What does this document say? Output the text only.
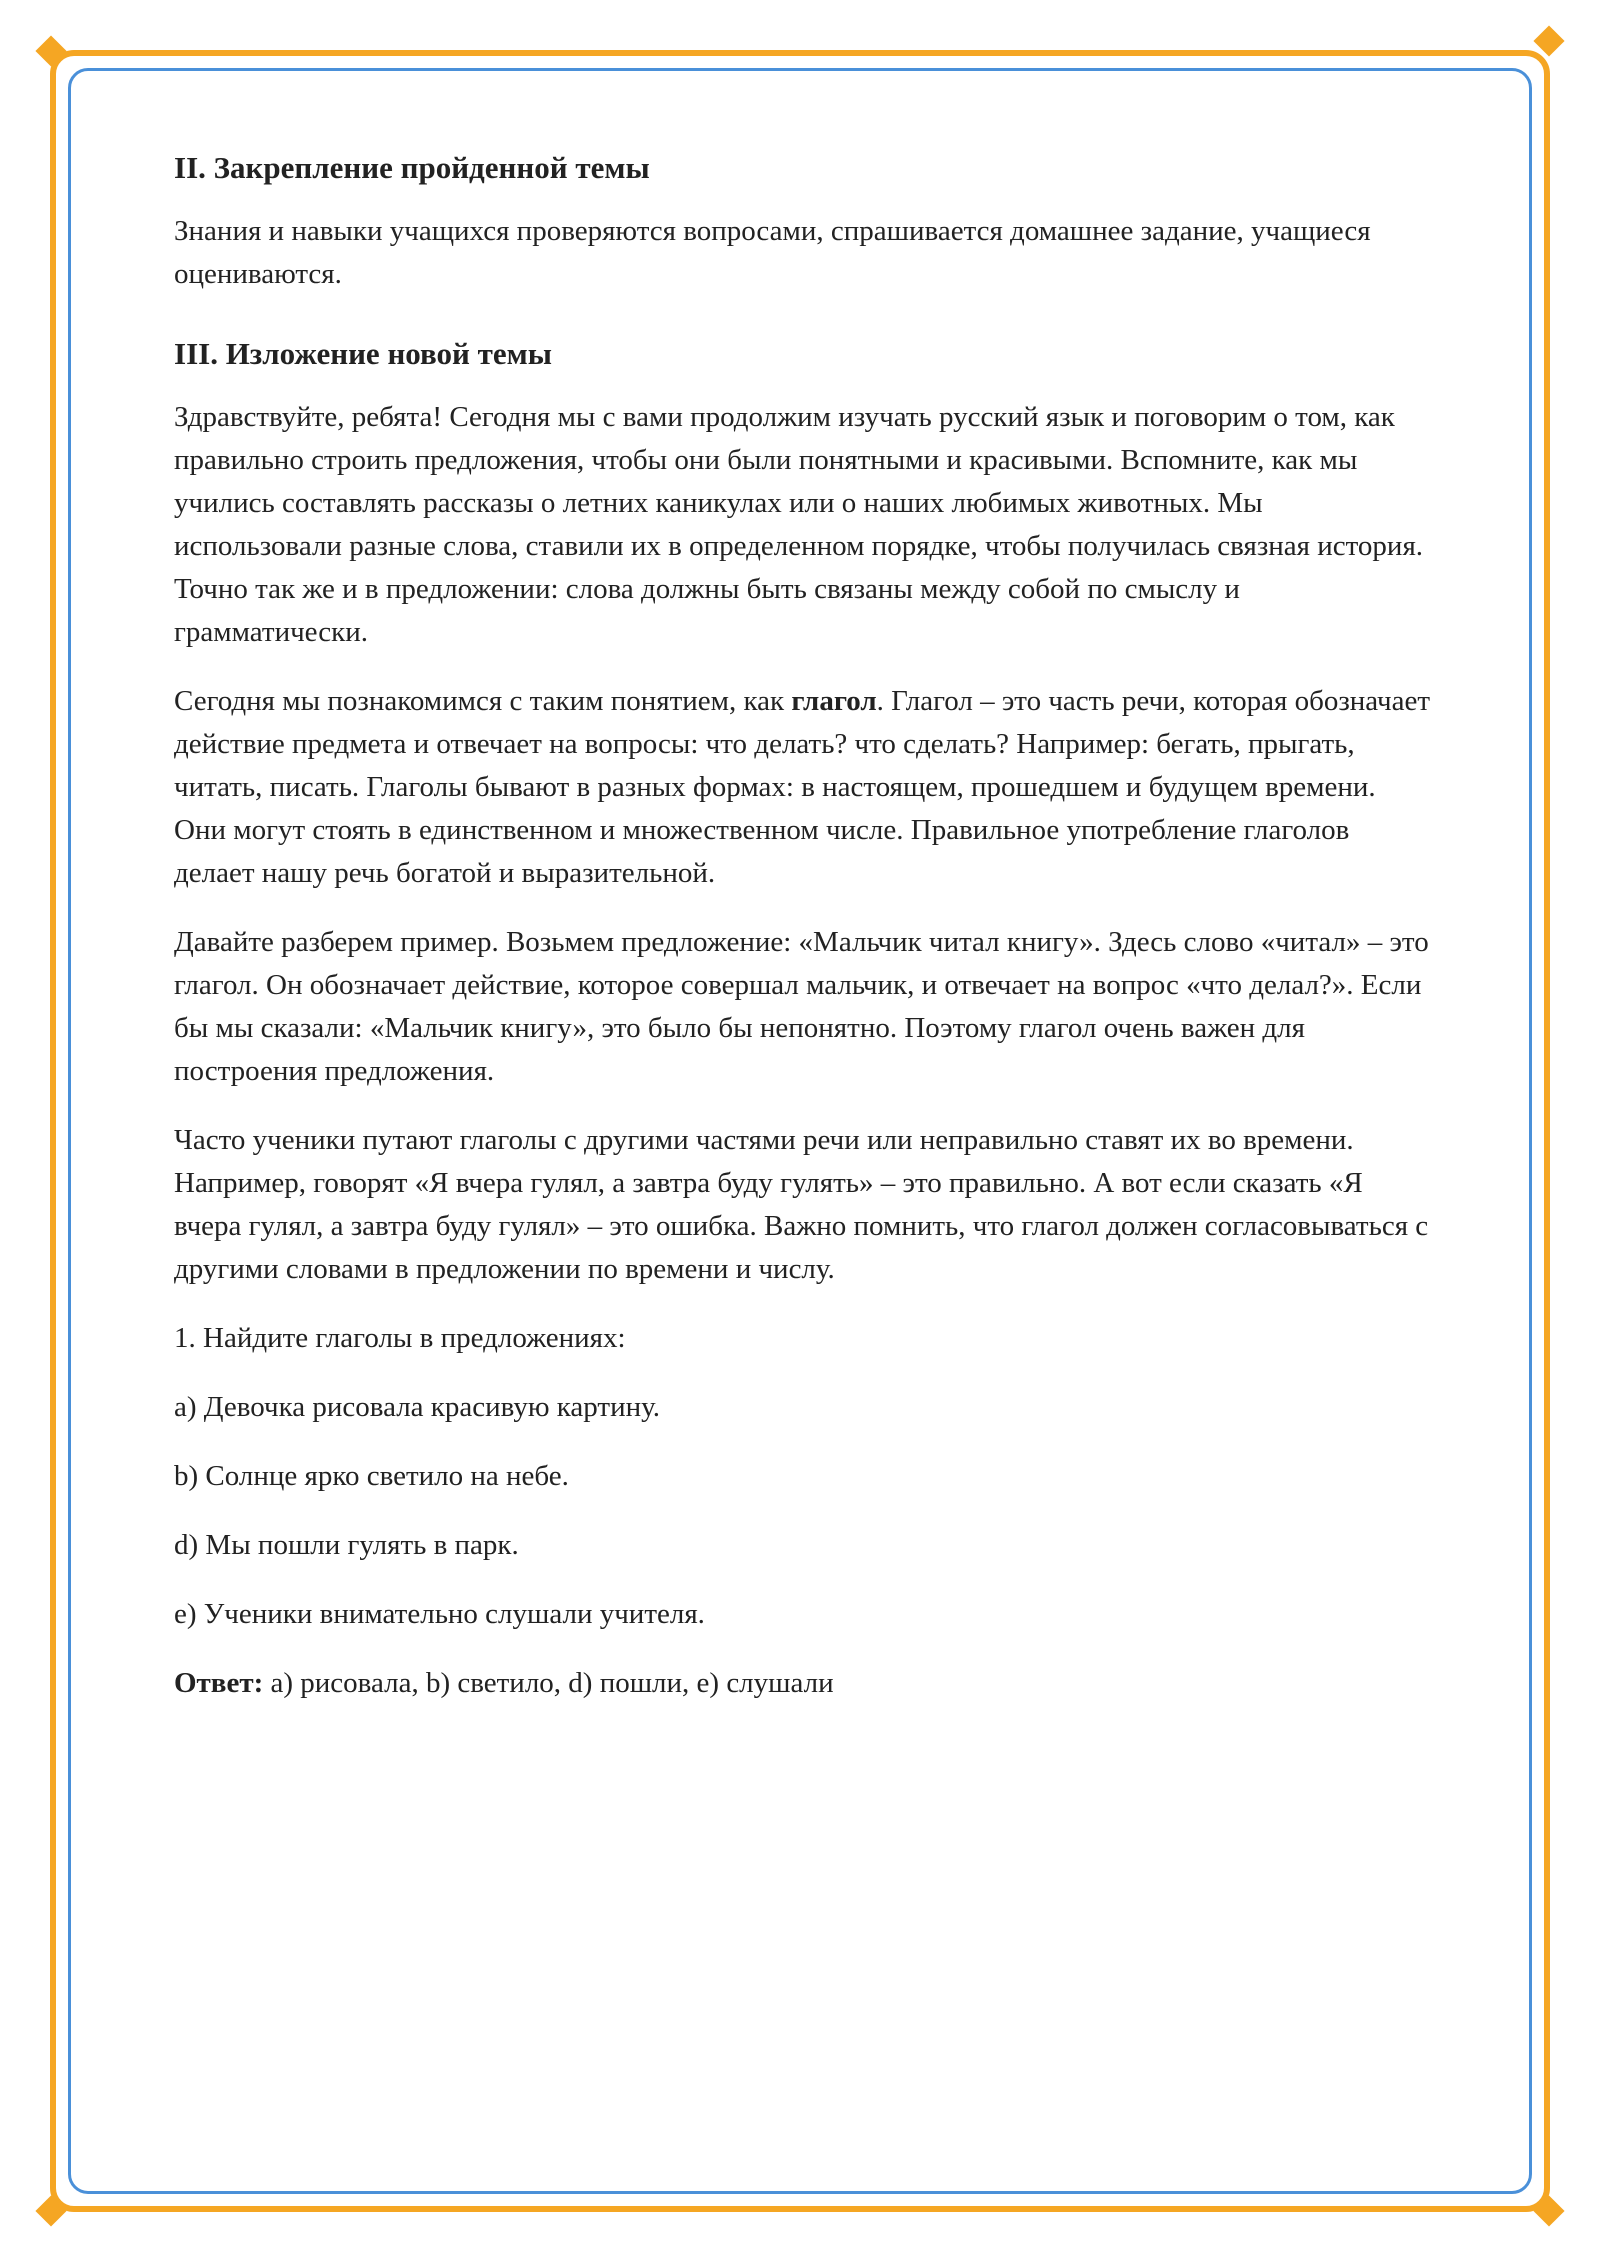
II. Закрепление пройденной темы

Знания и навыки учащихся проверяются вопросами, спрашивается домашнее задание, учащиеся оцениваются.

III. Изложение новой темы

Здравствуйте, ребята! Сегодня мы с вами продолжим изучать русский язык и поговорим о том, как правильно строить предложения, чтобы они были понятными и красивыми. Вспомните, как мы учились составлять рассказы о летних каникулах или о наших любимых животных. Мы использовали разные слова, ставили их в определенном порядке, чтобы получилась связная история. Точно так же и в предложении: слова должны быть связаны между собой по смыслу и грамматически.

Сегодня мы познакомимся с таким понятием, как глагол. Глагол – это часть речи, которая обозначает действие предмета и отвечает на вопросы: что делать? что сделать? Например: бегать, прыгать, читать, писать. Глаголы бывают в разных формах: в настоящем, прошедшем и будущем времени. Они могут стоять в единственном и множественном числе. Правильное употребление глаголов делает нашу речь богатой и выразительной.

Давайте разберем пример. Возьмем предложение: «Мальчик читал книгу». Здесь слово «читал» – это глагол. Он обозначает действие, которое совершал мальчик, и отвечает на вопрос «что делал?». Если бы мы сказали: «Мальчик книгу», это было бы непонятно. Поэтому глагол очень важен для построения предложения.

Часто ученики путают глаголы с другими частями речи или неправильно ставят их во времени. Например, говорят «Я вчера гулял, а завтра буду гулять» – это правильно. А вот если сказать «Я вчера гулял, а завтра буду гулял» – это ошибка. Важно помнить, что глагол должен согласовываться с другими словами в предложении по времени и числу.

1. Найдите глаголы в предложениях:

a) Девочка рисовала красивую картину.

b) Солнце ярко светило на небе.

d) Мы пошли гулять в парк.

e) Ученики внимательно слушали учителя.

Ответ: a) рисовала, b) светило, d) пошли, e) слушали
